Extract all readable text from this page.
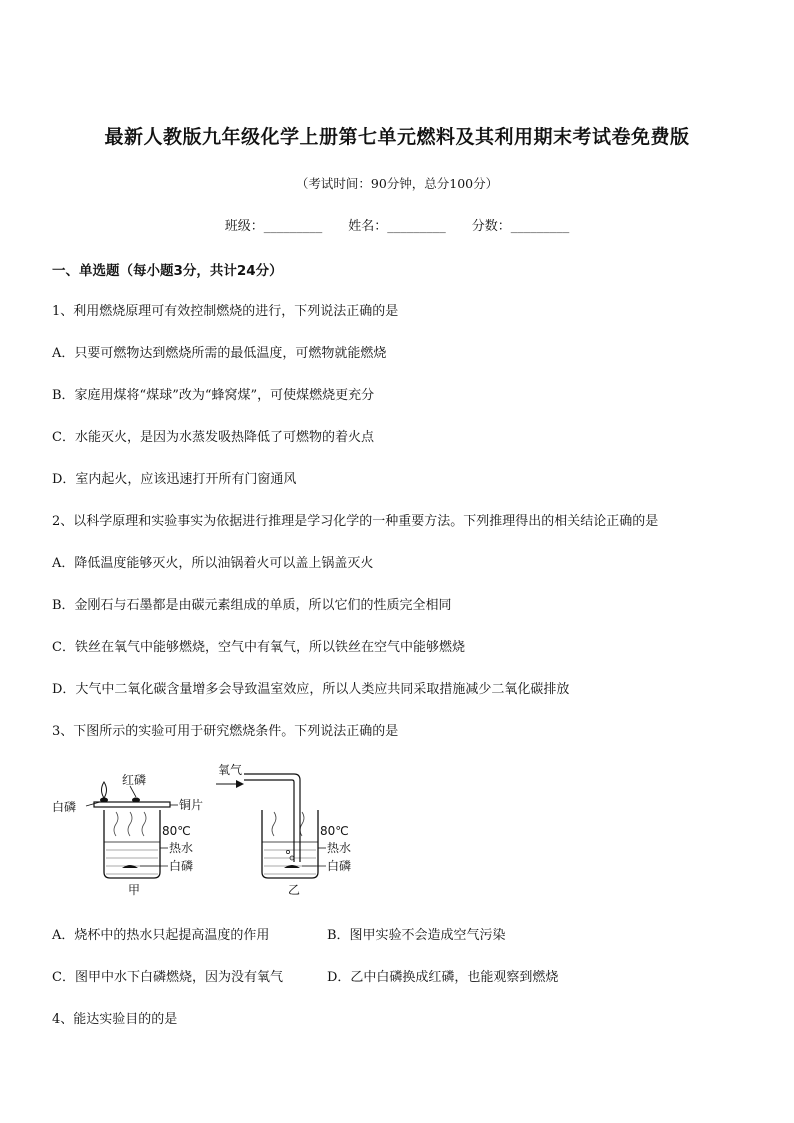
最新人教版九年级化学上册第七单元燃料及其利用期末考试卷免费版
（考试时间：90分钟，总分100分）
班级：_________ 姓名：_________ 分数：_________
一、单选题（每小题3分，共计24分）
1、利用燃烧原理可有效控制燃烧的进行，下列说法正确的是
A．只要可燃物达到燃烧所需的最低温度，可燃物就能燃烧
B．家庭用煤将“煤球”改为“蜂窝煤”，可使煤燃烧更充分
C．水能灭火，是因为水蒸发吸热降低了可燃物的着火点
D．室内起火，应该迅速打开所有门窗通风
2、以科学原理和实验事实为依据进行推理是学习化学的一种重要方法。下列推理得出的相关结论正确的是
A．降低温度能够灭火，所以油锅着火可以盖上锅盖灭火
B．金刚石与石墨都是由碳元素组成的单质，所以它们的性质完全相同
C．铁丝在氧气中能够燃烧，空气中有氧气，所以铁丝在空气中能够燃烧
D．大气中二氧化碳含量增多会导致温室效应，所以人类应共同采取措施减少二氧化碳排放
3、下图所示的实验可用于研究燃烧条件。下列说法正确的是
红磷
白磷	铜片
80℃
热水
白磷
甲
氧气
80℃
热水
白磷
乙
A．烧杯中的热水只起提高温度的作用	B．图甲实验不会造成空气污染
C．图甲中水下白磷燃烧，因为没有氧气	D．乙中白磷换成红磷，也能观察到燃烧
4、能达实验目的的是
